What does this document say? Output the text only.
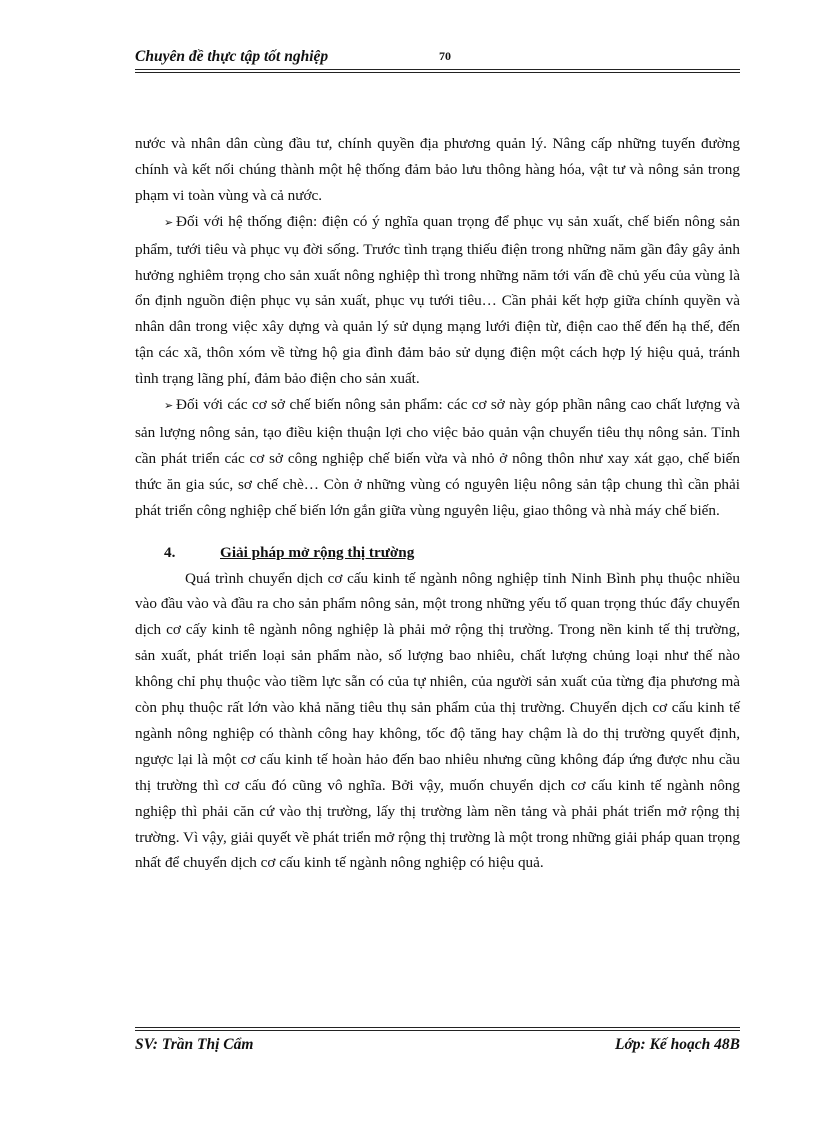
Chuyên đề thực tập tốt nghiệp	70

nước và nhân dân cùng đầu tư, chính quyền địa phương quản lý. Nâng cấp những tuyến đường chính và kết nối chúng thành một hệ thống đảm bảo lưu thông hàng hóa, vật tư và nông sản trong phạm vi toàn vùng và cả nước.

➢ Đối với hệ thống điện: điện có ý nghĩa quan trọng để phục vụ sản xuất, chế biến nông sản phẩm, tưới tiêu và phục vụ đời sống. Trước tình trạng thiếu điện trong những năm gần đây gây ảnh hưởng nghiêm trọng cho sản xuất nông nghiệp thì trong những năm tới vấn đề chủ yếu của vùng là ổn định nguồn điện phục vụ sản xuất, phục vụ tưới tiêu… Cần phải kết hợp giữa chính quyền và nhân dân trong việc xây dựng và quản lý sử dụng mạng lưới điện từ, điện cao thế đến hạ thế, đến tận các xã, thôn xóm về từng hộ gia đình đảm bảo sử dụng điện một cách hợp lý hiệu quả, tránh tình trạng lãng phí, đảm bảo điện cho sản xuất.

➢ Đối với các cơ sở chế biến nông sản phẩm: các cơ sở này góp phần nâng cao chất lượng và sản lượng nông sản, tạo điều kiện thuận lợi cho việc bảo quản vận chuyển tiêu thụ nông sản. Tỉnh cần phát triển các cơ sở công nghiệp chế biến vừa và nhỏ ở nông thôn như xay xát gạo, chế biến thức ăn gia súc, sơ chế chè… Còn ở những vùng có nguyên liệu nông sản tập chung thì cần phải phát triển công nghiệp chế biến lớn gắn giữa vùng nguyên liệu, giao thông và nhà máy chế biến.

4.	Giải pháp mở rộng thị trường

Quá trình chuyển dịch cơ cấu kinh tế ngành nông nghiệp tỉnh Ninh Bình phụ thuộc nhiều vào đầu vào và đầu ra cho sản phẩm nông sản, một trong những yếu tố quan trọng thúc đẩy chuyển dịch cơ cấy kinh tê ngành nông nghiệp là phải mở rộng thị trường. Trong nền kinh tế thị trường, sản xuất, phát triển loại sản phẩm nào, số lượng bao nhiêu, chất lượng chủng loại như thế nào không chỉ phụ thuộc vào tiềm lực sẵn có của tự nhiên, của người sản xuất của từng địa phương mà còn phụ thuộc rất lớn vào khả năng tiêu thụ sản phẩm của thị trường. Chuyển dịch cơ cấu kinh tế ngành nông nghiệp có thành công hay không, tốc độ tăng hay chậm là do thị trường quyết định, ngược lại là một cơ cấu kinh tế hoàn hảo đến bao nhiêu nhưng cũng không đáp ứng được nhu cầu thị trường thì cơ cấu đó cũng vô nghĩa. Bởi vậy, muốn chuyển dịch cơ cấu kinh tế ngành nông nghiệp thì phải căn cứ vào thị trường, lấy thị trường làm nền tảng và phải phát triển mở rộng thị trường. Vì vậy, giải quyết về phát triển mở rộng thị trường là một trong những giải pháp quan trọng nhất để chuyển dịch cơ cấu kinh tế ngành nông nghiệp có hiệu quả.

SV: Trần Thị Cẩm	Lớp: Kế hoạch 48B
